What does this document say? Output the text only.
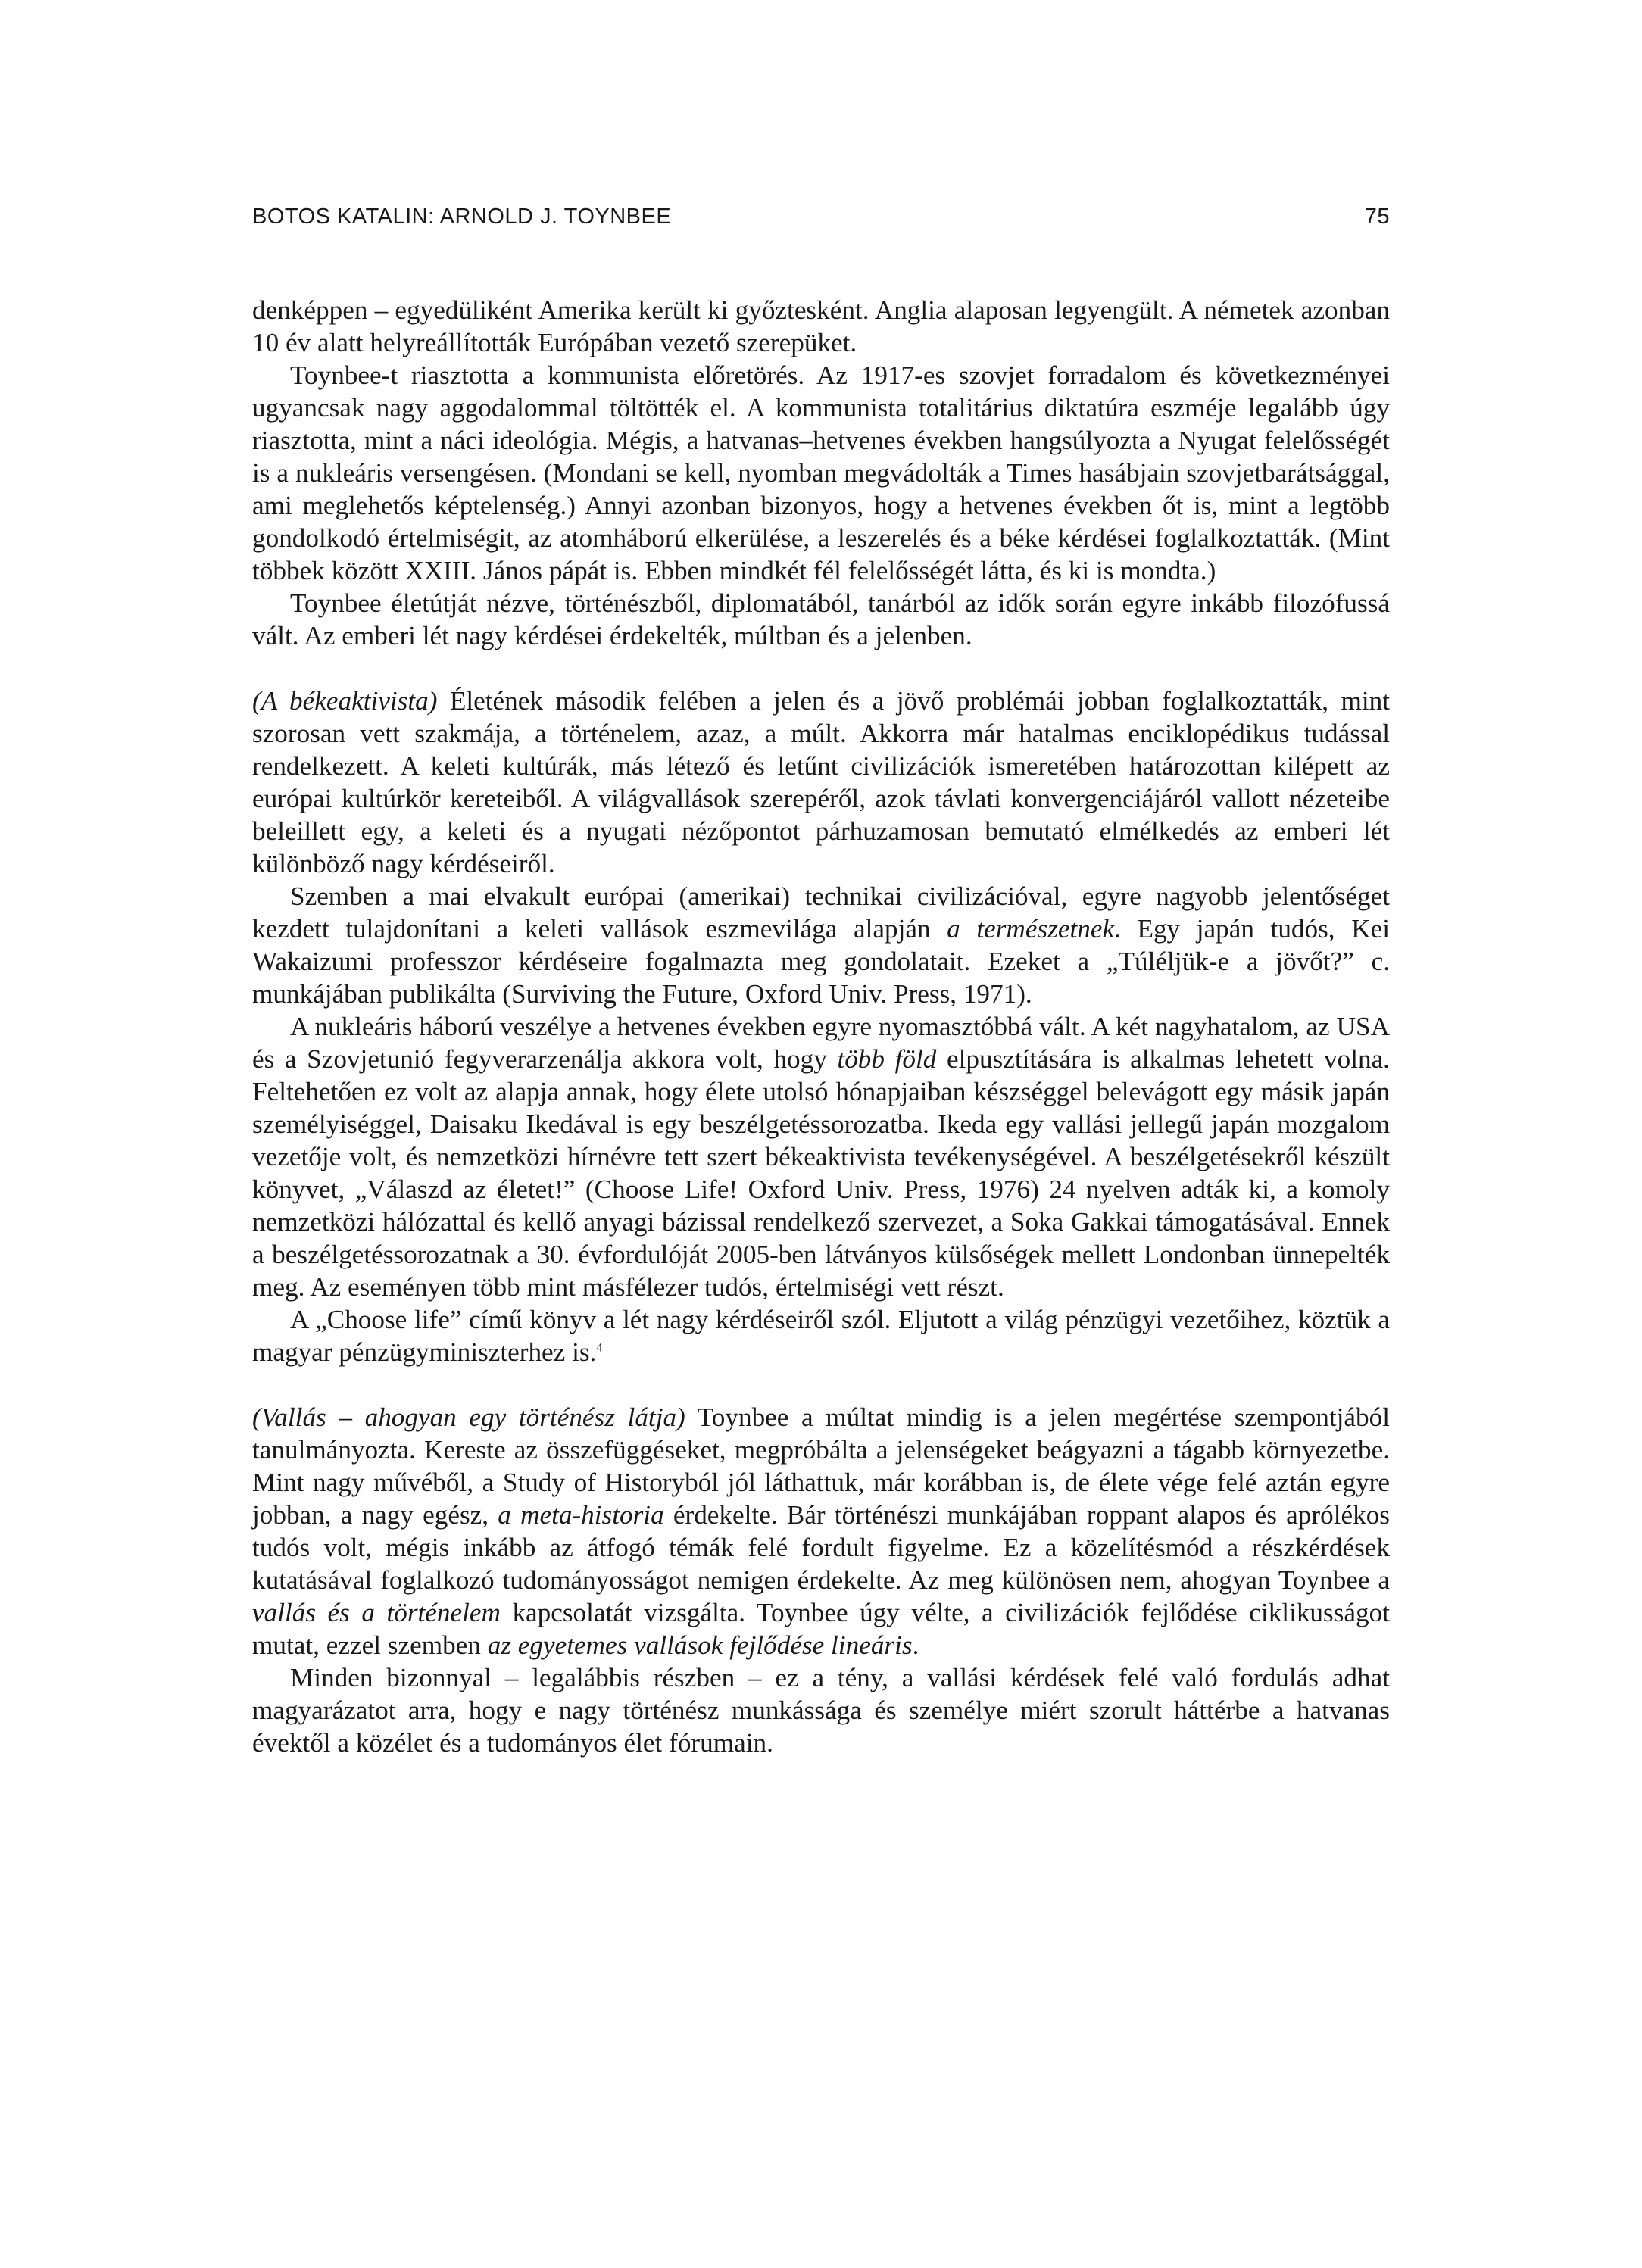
BOTOS KATALIN: ARNOLD J. TOYNBEE	75

denképpen – egyedüliként Amerika került ki győztesként. Anglia alaposan legyengült. A németek azonban 10 év alatt helyreállították Európában vezető szerepüket.

Toynbee-t riasztotta a kommunista előretörés. Az 1917-es szovjet forradalom és következményei ugyancsak nagy aggodalommal töltötték el. A kommunista totalitárius diktatúra eszméje legalább úgy riasztotta, mint a náci ideológia. Mégis, a hatvanas–hetvenes években hangsúlyozta a Nyugat felelősségét is a nukleáris versengésen. (Mondani se kell, nyomban megvádolták a Times hasábjain szovjetbarátsággal, ami meglehetős képtelenség.) Annyi azonban bizonyos, hogy a hetvenes években őt is, mint a legtöbb gondolkodó értelmiségit, az atomháború elkerülése, a leszerelés és a béke kérdései foglalkoztatták. (Mint többek között XXIII. János pápát is. Ebben mindkét fél felelősségét látta, és ki is mondta.)

Toynbee életútját nézve, történészből, diplomatából, tanárból az idők során egyre inkább filozófussá vált. Az emberi lét nagy kérdései érdekelték, múltban és a jelenben.

(A békeaktivista) Életének második felében a jelen és a jövő problémái jobban foglalkoztatták, mint szorosan vett szakmája, a történelem, azaz, a múlt. Akkorra már hatalmas enciklopédikus tudással rendelkezett. A keleti kultúrák, más létező és letűnt civilizációk ismeretében határozottan kilépett az európai kultúrkör kereteiből. A világvallások szerepéről, azok távlati konvergenciájáról vallott nézeteibe beleillett egy, a keleti és a nyugati nézőpontot párhuzamosan bemutató elmélkedés az emberi lét különböző nagy kérdéseiről.

Szemben a mai elvakult európai (amerikai) technikai civilizációval, egyre nagyobb jelentőséget kezdett tulajdonítani a keleti vallások eszmevilága alapján a természetnek. Egy japán tudós, Kei Wakaizumi professzor kérdéseire fogalmazta meg gondolatait. Ezeket a „Túléljük-e a jövőt?” c. munkájában publikálta (Surviving the Future, Oxford Univ. Press, 1971).

A nukleáris háború veszélye a hetvenes években egyre nyomasztóbbá vált. A két nagyhatalom, az USA és a Szovjetunió fegyverarzenálja akkora volt, hogy több föld elpusztítására is alkalmas lehetett volna. Feltehetően ez volt az alapja annak, hogy élete utolsó hónapjaiban készséggel belevágott egy másik japán személyiséggel, Daisaku Ikedával is egy beszélgetéssorozatba. Ikeda egy vallási jellegű japán mozgalom vezetője volt, és nemzetközi hírnévre tett szert békeaktivista tevékenységével. A beszélgetésekről készült könyvet, „Válaszd az életet!” (Choose Life! Oxford Univ. Press, 1976) 24 nyelven adták ki, a komoly nemzetközi hálózattal és kellő anyagi bázissal rendelkező szervezet, a Soka Gakkai támogatásával. Ennek a beszélgetéssorozatnak a 30. évfordulóját 2005-ben látványos külsőségek mellett Londonban ünnepelték meg. Az eseményen több mint másfélezer tudós, értelmiségi vett részt.

A „Choose life” című könyv a lét nagy kérdéseiről szól. Eljutott a világ pénzügyi vezetőihez, köztük a magyar pénzügyminiszterhez is.$^4$

(Vallás – ahogyan egy történész látja) Toynbee a múltat mindig is a jelen megértése szempontjából tanulmányozta. Kereste az összefüggéseket, megpróbálta a jelenségeket beágyazni a tágabb környezetbe. Mint nagy művéből, a Study of Historyból jól láthattuk, már korábban is, de élete vége felé aztán egyre jobban, a nagy egész, a meta-historia érdekelte. Bár történészi munkájában roppant alapos és aprólékos tudós volt, mégis inkább az átfogó témák felé fordult figyelme. Ez a közelítésmód a részkérdések kutatásával foglalkozó tudományosságot nemigen érdekelte. Az meg különösen nem, ahogyan Toynbee a vallás és a történelem kapcsolatát vizsgálta. Toynbee úgy vélte, a civilizációk fejlődése ciklikusságot mutat, ezzel szemben az egyetemes vallások fejlődése lineáris.

Minden bizonnyal – legalábbis részben – ez a tény, a vallási kérdések felé való fordulás adhat magyarázatot arra, hogy e nagy történész munkássága és személye miért szorult háttérbe a hatvanas évektől a közélet és a tudományos élet fórumain.
